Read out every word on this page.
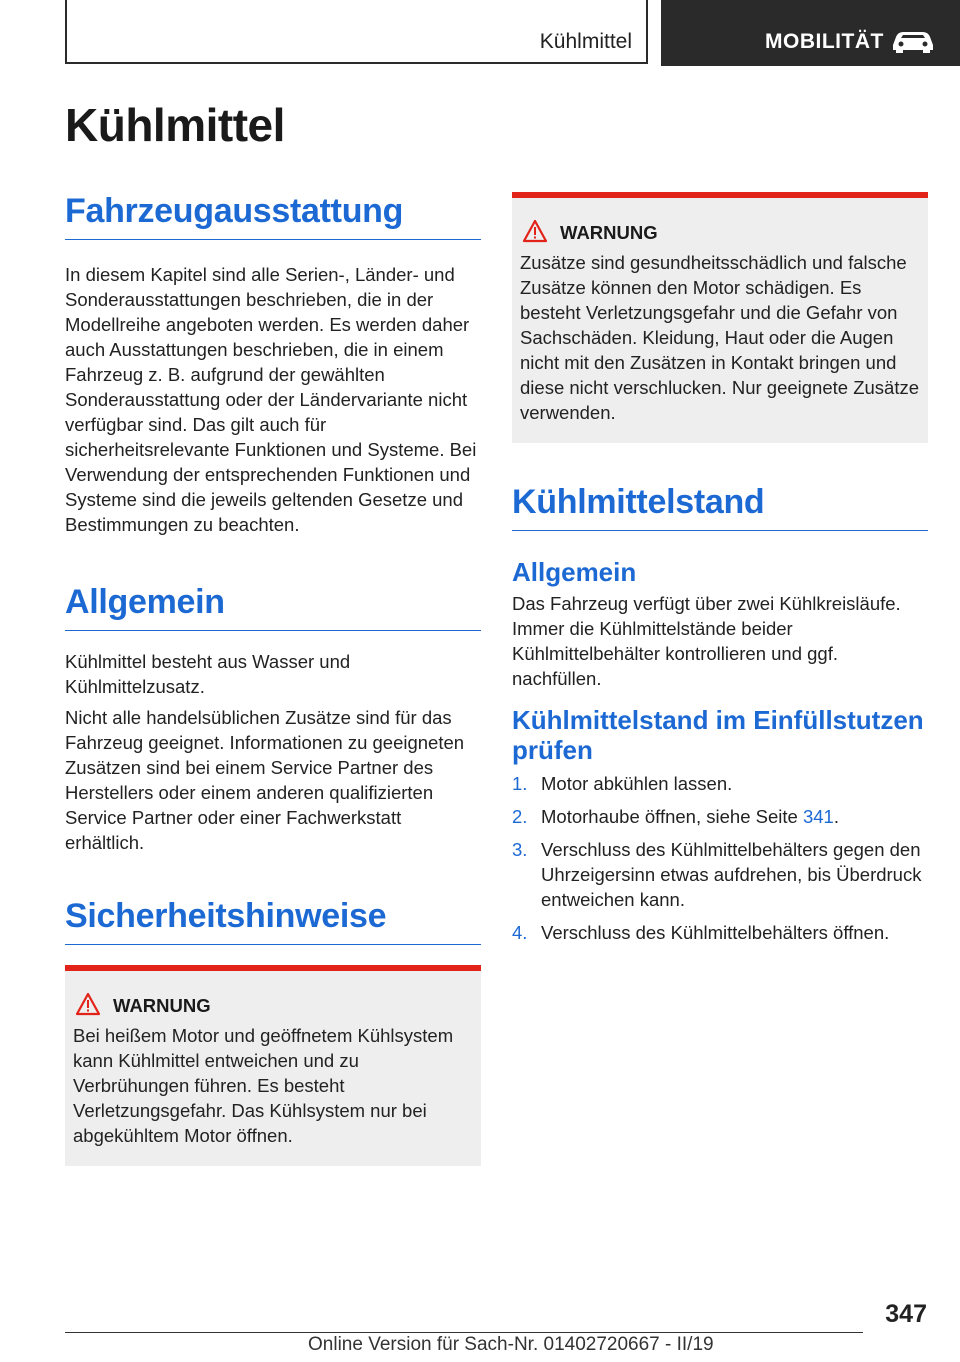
Kühlmittel	MOBILITÄT
Kühlmittel
Fahrzeugausstattung

In diesem Kapitel sind alle Serien-, Länder- und Sonderausstattungen beschrieben, die in der Modellreihe angeboten werden. Es werden daher auch Ausstattungen beschrieben, die in einem Fahrzeug z. B. aufgrund der gewählten Sonderausstattung oder der Ländervariante nicht verfügbar sind. Das gilt auch für sicherheitsrelevante Funktionen und Systeme. Bei Verwendung der entsprechenden Funktionen und Systeme sind die jeweils geltenden Gesetze und Bestimmungen zu beachten.

Allgemein

Kühlmittel besteht aus Wasser und Kühlmittelzusatz.

Nicht alle handelsüblichen Zusätze sind für das Fahrzeug geeignet. Informationen zu geeigneten Zusätzen sind bei einem Service Partner des Herstellers oder einem anderen qualifizierten Service Partner oder einer Fachwerkstatt erhältlich.

Sicherheitshinweise
WARNUNG

Bei heißem Motor und geöffnetem Kühlsystem kann Kühlmittel entweichen und zu Verbrühungen führen. Es besteht Verletzungsgefahr. Das Kühlsystem nur bei abgekühltem Motor öffnen.

WARNUNG

Zusätze sind gesundheitsschädlich und falsche Zusätze können den Motor schädigen. Es besteht Verletzungsgefahr und die Gefahr von Sachschäden. Kleidung, Haut oder die Augen nicht mit den Zusätzen in Kontakt bringen und diese nicht verschlucken. Nur geeignete Zusätze verwenden.

Kühlmittelstand
Allgemein

Das Fahrzeug verfügt über zwei Kühlkreisläufe. Immer die Kühlmittelstände beider Kühlmittelbehälter kontrollieren und ggf. nachfüllen.

Kühlmittelstand im Einfüllstutzen prüfen
1. Motor abkühlen lassen.
2. Motorhaube öffnen, siehe Seite 341.
3. Verschluss des Kühlmittelbehälters gegen den Uhrzeigersinn etwas aufdrehen, bis Überdruck entweichen kann.
4. Verschluss des Kühlmittelbehälters öffnen.
347
Online Version für Sach-Nr. 01402720667 - II/19
